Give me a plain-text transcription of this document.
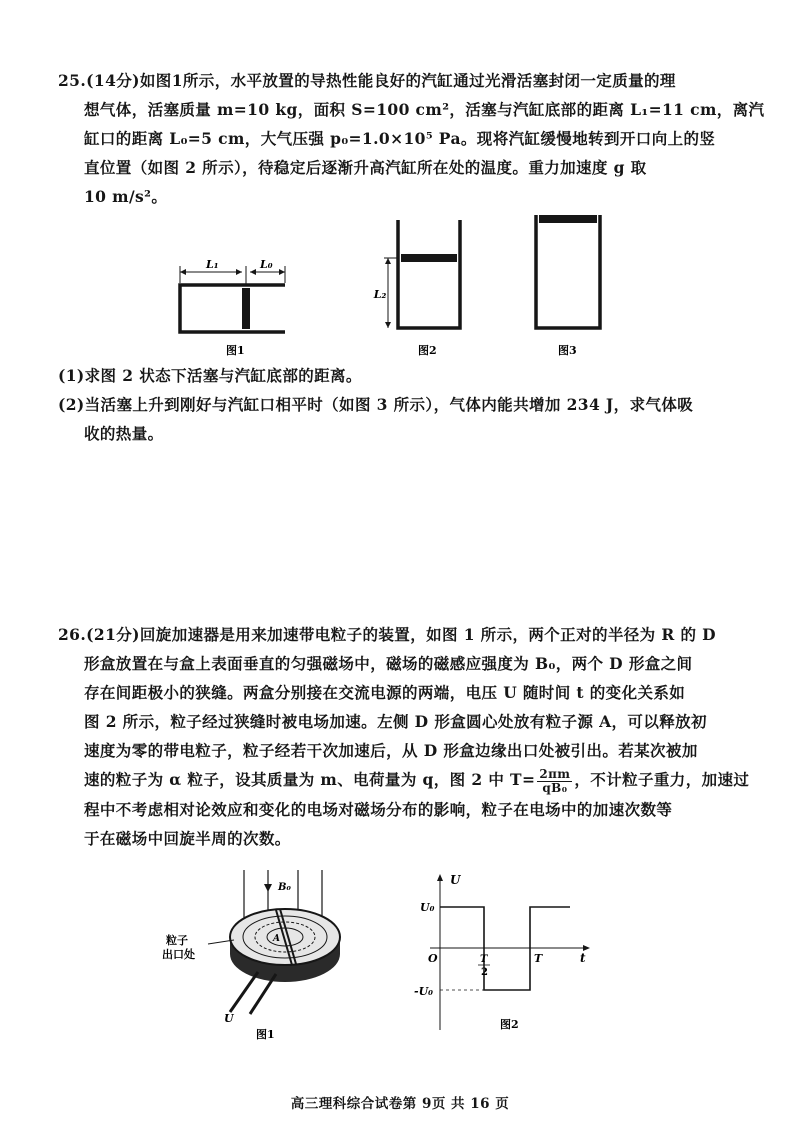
25.(14分)如图1所示，水平放置的导热性能良好的汽缸通过光滑活塞封闭一定质量的理
想气体，活塞质量 m=10 kg，面积 S=100 cm²，活塞与汽缸底部的距离 L₁=11 cm，离汽
缸口的距离 L₀=5 cm，大气压强 p₀=1.0×10⁵ Pa。现将汽缸缓慢地转到开口向上的竖
直位置（如图 2 所示），待稳定后逐渐升高汽缸所在处的温度。重力加速度 g 取
10 m/s²。
L₁	L₀
图1
L₂
图2	图3
(1)求图 2 状态下活塞与汽缸底部的距离。
(2)当活塞上升到刚好与汽缸口相平时（如图 3 所示），气体内能共增加 234 J，求气体吸
收的热量。
26.(21分)回旋加速器是用来加速带电粒子的装置，如图 1 所示，两个正对的半径为 R 的 D
形盒放置在与盒上表面垂直的匀强磁场中，磁场的磁感应强度为 B₀，两个 D 形盒之间
存在间距极小的狭缝。两盒分别接在交流电源的两端，电压 U 随时间 t 的变化关系如
图 2 所示，粒子经过狭缝时被电场加速。左侧 D 形盒圆心处放有粒子源 A，可以释放初
速度为零的带电粒子，粒子经若干次加速后，从 D 形盒边缘出口处被引出。若某次被加
速的粒子为 α 粒子，设其质量为 m、电荷量为 q，图 2 中 $T= \frac{2\pi m}{\text{qB₀}}$ ，不计粒子重力，加速过
程中不考虑相对论效应和变化的电场对磁场分布的影响，粒子在电场中的加速次数等
于在磁场中回旋半周的次数。
B₀
A
粒子
出口处
U
图1
U
t
O
U₀
-U₀
T
2
T
图2
高三理科综合试卷第 9页 共 16 页
